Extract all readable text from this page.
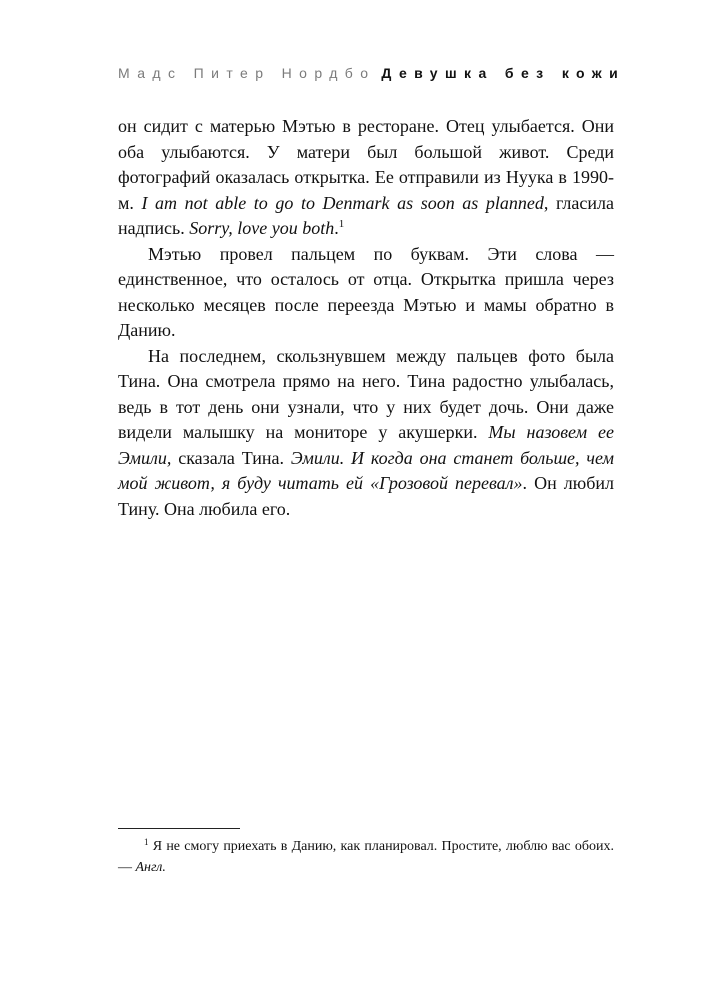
Мадс Питер Нордбо Девушка без кожи

он сидит с матерью Мэтью в ресторане. Отец улыбается. Они оба улыбаются. У матери был большой живот. Среди фотографий оказалась открытка. Ее отправили из Нуука в 1990-м. I am not able to go to Denmark as soon as planned, гласила надпись. Sorry, love you both.$^1$

Мэтью провел пальцем по буквам. Эти слова — единственное, что осталось от отца. Открытка пришла через несколько месяцев после переезда Мэтью и мамы обратно в Данию.

На последнем, скользнувшем между пальцев фото была Тина. Она смотрела прямо на него. Тина радостно улыбалась, ведь в тот день они узнали, что у них будет дочь. Они даже видели малышку на мониторе у акушерки. Мы назовем ее Эмили, сказала Тина. Эмили. И когда она станет больше, чем мой живот, я буду читать ей «Грозовой перевал». Он любил Тину. Она любила его.

$^1$ Я не смогу приехать в Данию, как планировал. Простите, люблю вас обоих. — Англ.
